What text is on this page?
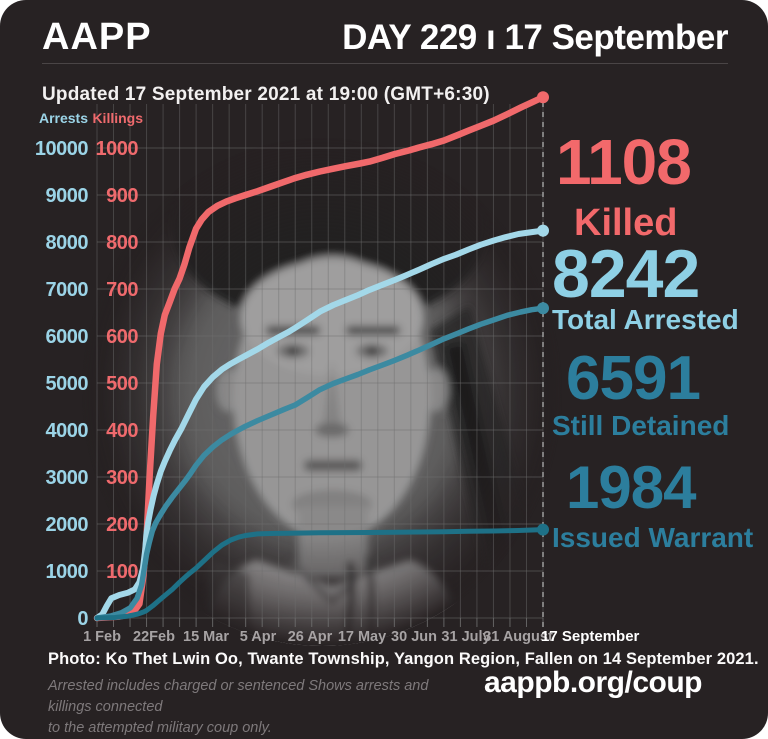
AAPP	DAY 229 ı 17 September
Updated 17 September 2021 at 19:00 (GMT+6:30)
10000 1000
9000 900
8000 800
7000 700
6000 600
5000 500
4000 400
3000 300
2000 200
1000 100
0
Arrests Killings
1 Feb 22Feb 15 Mar 5 Apr 26 Apr 17 May 30 Jun 31 July
31 August
17 September
1108
Killed
8242
Total Arrested
6591
Still Detained
1984
Issued Warrant
Photo: Ko Thet Lwin Oo, Twante Township, Yangon Region, Fallen on 14 September 2021.
Arrested includes charged or sentenced Shows arrests and killings connected
to the attempted military coup only.
aappb.org/coup
